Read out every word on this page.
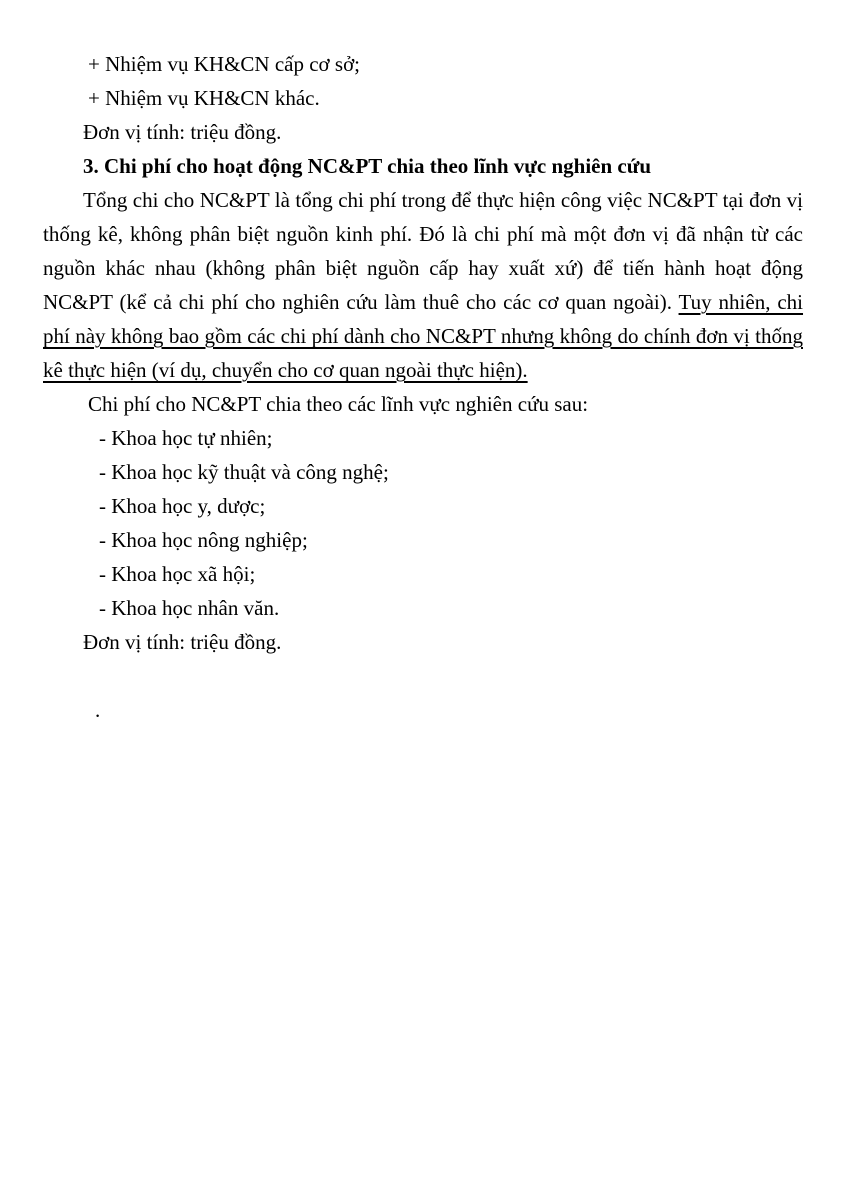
+ Nhiệm vụ KH&CN cấp cơ sở;

+ Nhiệm vụ KH&CN khác.

Đơn vị tính: triệu đồng.

3. Chi phí cho hoạt động NC&PT chia theo lĩnh vực nghiên cứu

Tổng chi cho NC&PT là tổng chi phí trong để thực hiện công việc NC&PT tại đơn vị thống kê, không phân biệt nguồn kinh phí. Đó là chi phí mà một đơn vị đã nhận từ các nguồn khác nhau (không phân biệt nguồn cấp hay xuất xứ) để tiến hành hoạt động NC&PT (kể cả chi phí cho nghiên cứu làm thuê cho các cơ quan ngoài). Tuy nhiên, chi phí này không bao gồm các chi phí dành cho NC&PT nhưng không do chính đơn vị thống kê thực hiện (ví dụ, chuyển cho cơ quan ngoài thực hiện).

Chi phí cho NC&PT chia theo các lĩnh vực nghiên cứu sau:

- Khoa học tự nhiên;

- Khoa học kỹ thuật và công nghệ;

- Khoa học y, dược;

- Khoa học nông nghiệp;

- Khoa học xã hội;

- Khoa học nhân văn.

Đơn vị tính: triệu đồng.

.
